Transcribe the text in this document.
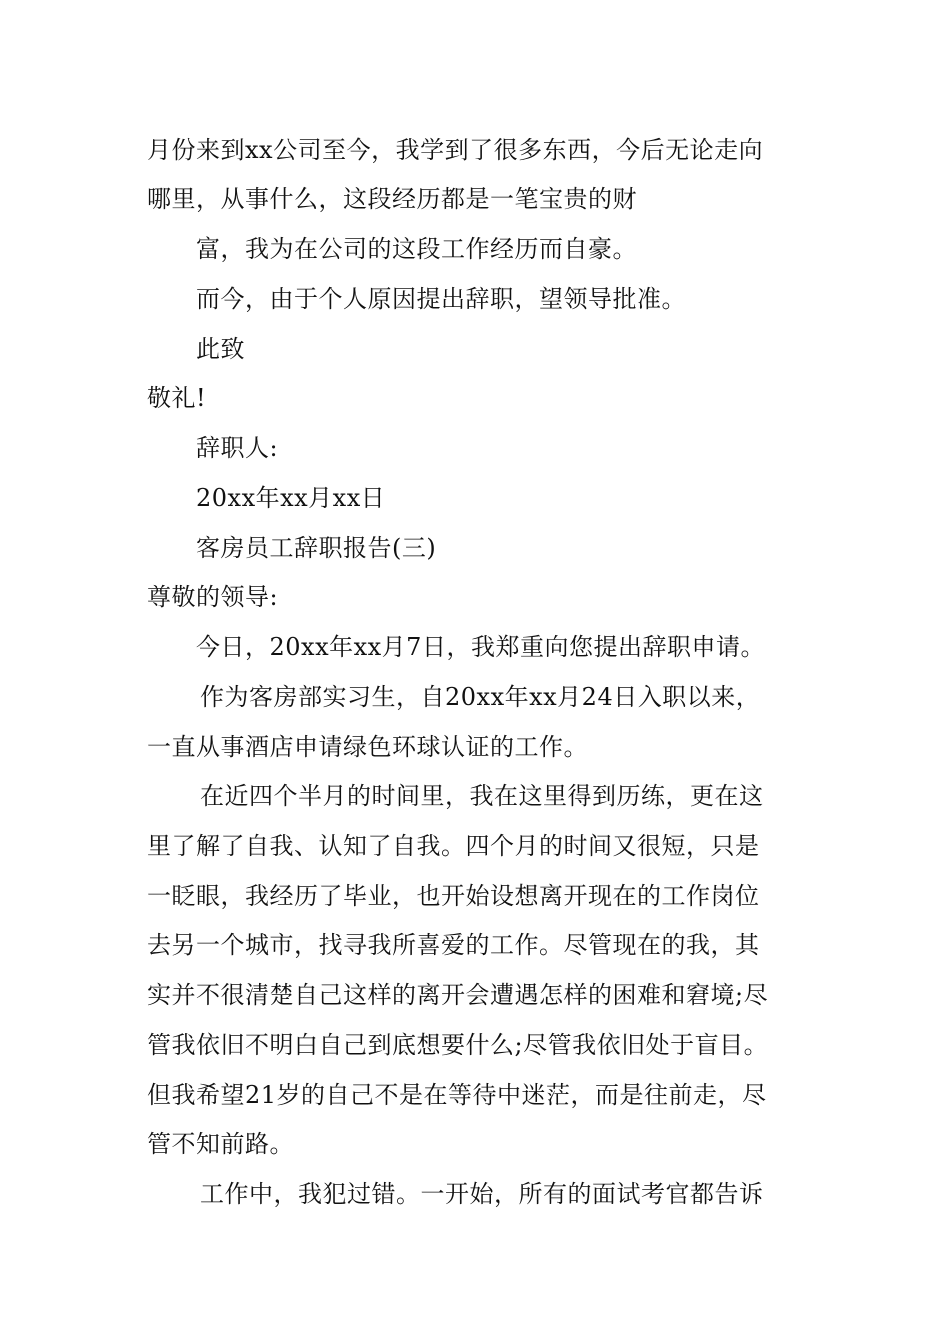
月份来到xx公司至今，我学到了很多东西，今后无论走向
哪里，从事什么，这段经历都是一笔宝贵的财
富，我为在公司的这段工作经历而自豪。
而今，由于个人原因提出辞职，望领导批准。
此致
敬礼!
辞职人:
20xx年xx月xx日
客房员工辞职报告(三)
尊敬的领导:
今日，20xx年xx月7日，我郑重向您提出辞职申请。
作为客房部实习生，自20xx年xx月24日入职以来，
一直从事酒店申请绿色环球认证的工作。
在近四个半月的时间里，我在这里得到历练，更在这
里了解了自我、认知了自我。四个月的时间又很短，只是
一眨眼，我经历了毕业，也开始设想离开现在的工作岗位
去另一个城市，找寻我所喜爱的工作。尽管现在的我，其
实并不很清楚自己这样的离开会遭遇怎样的困难和窘境;尽
管我依旧不明白自己到底想要什么;尽管我依旧处于盲目。
但我希望21岁的自己不是在等待中迷茫，而是往前走，尽
管不知前路。
工作中，我犯过错。一开始，所有的面试考官都告诉
